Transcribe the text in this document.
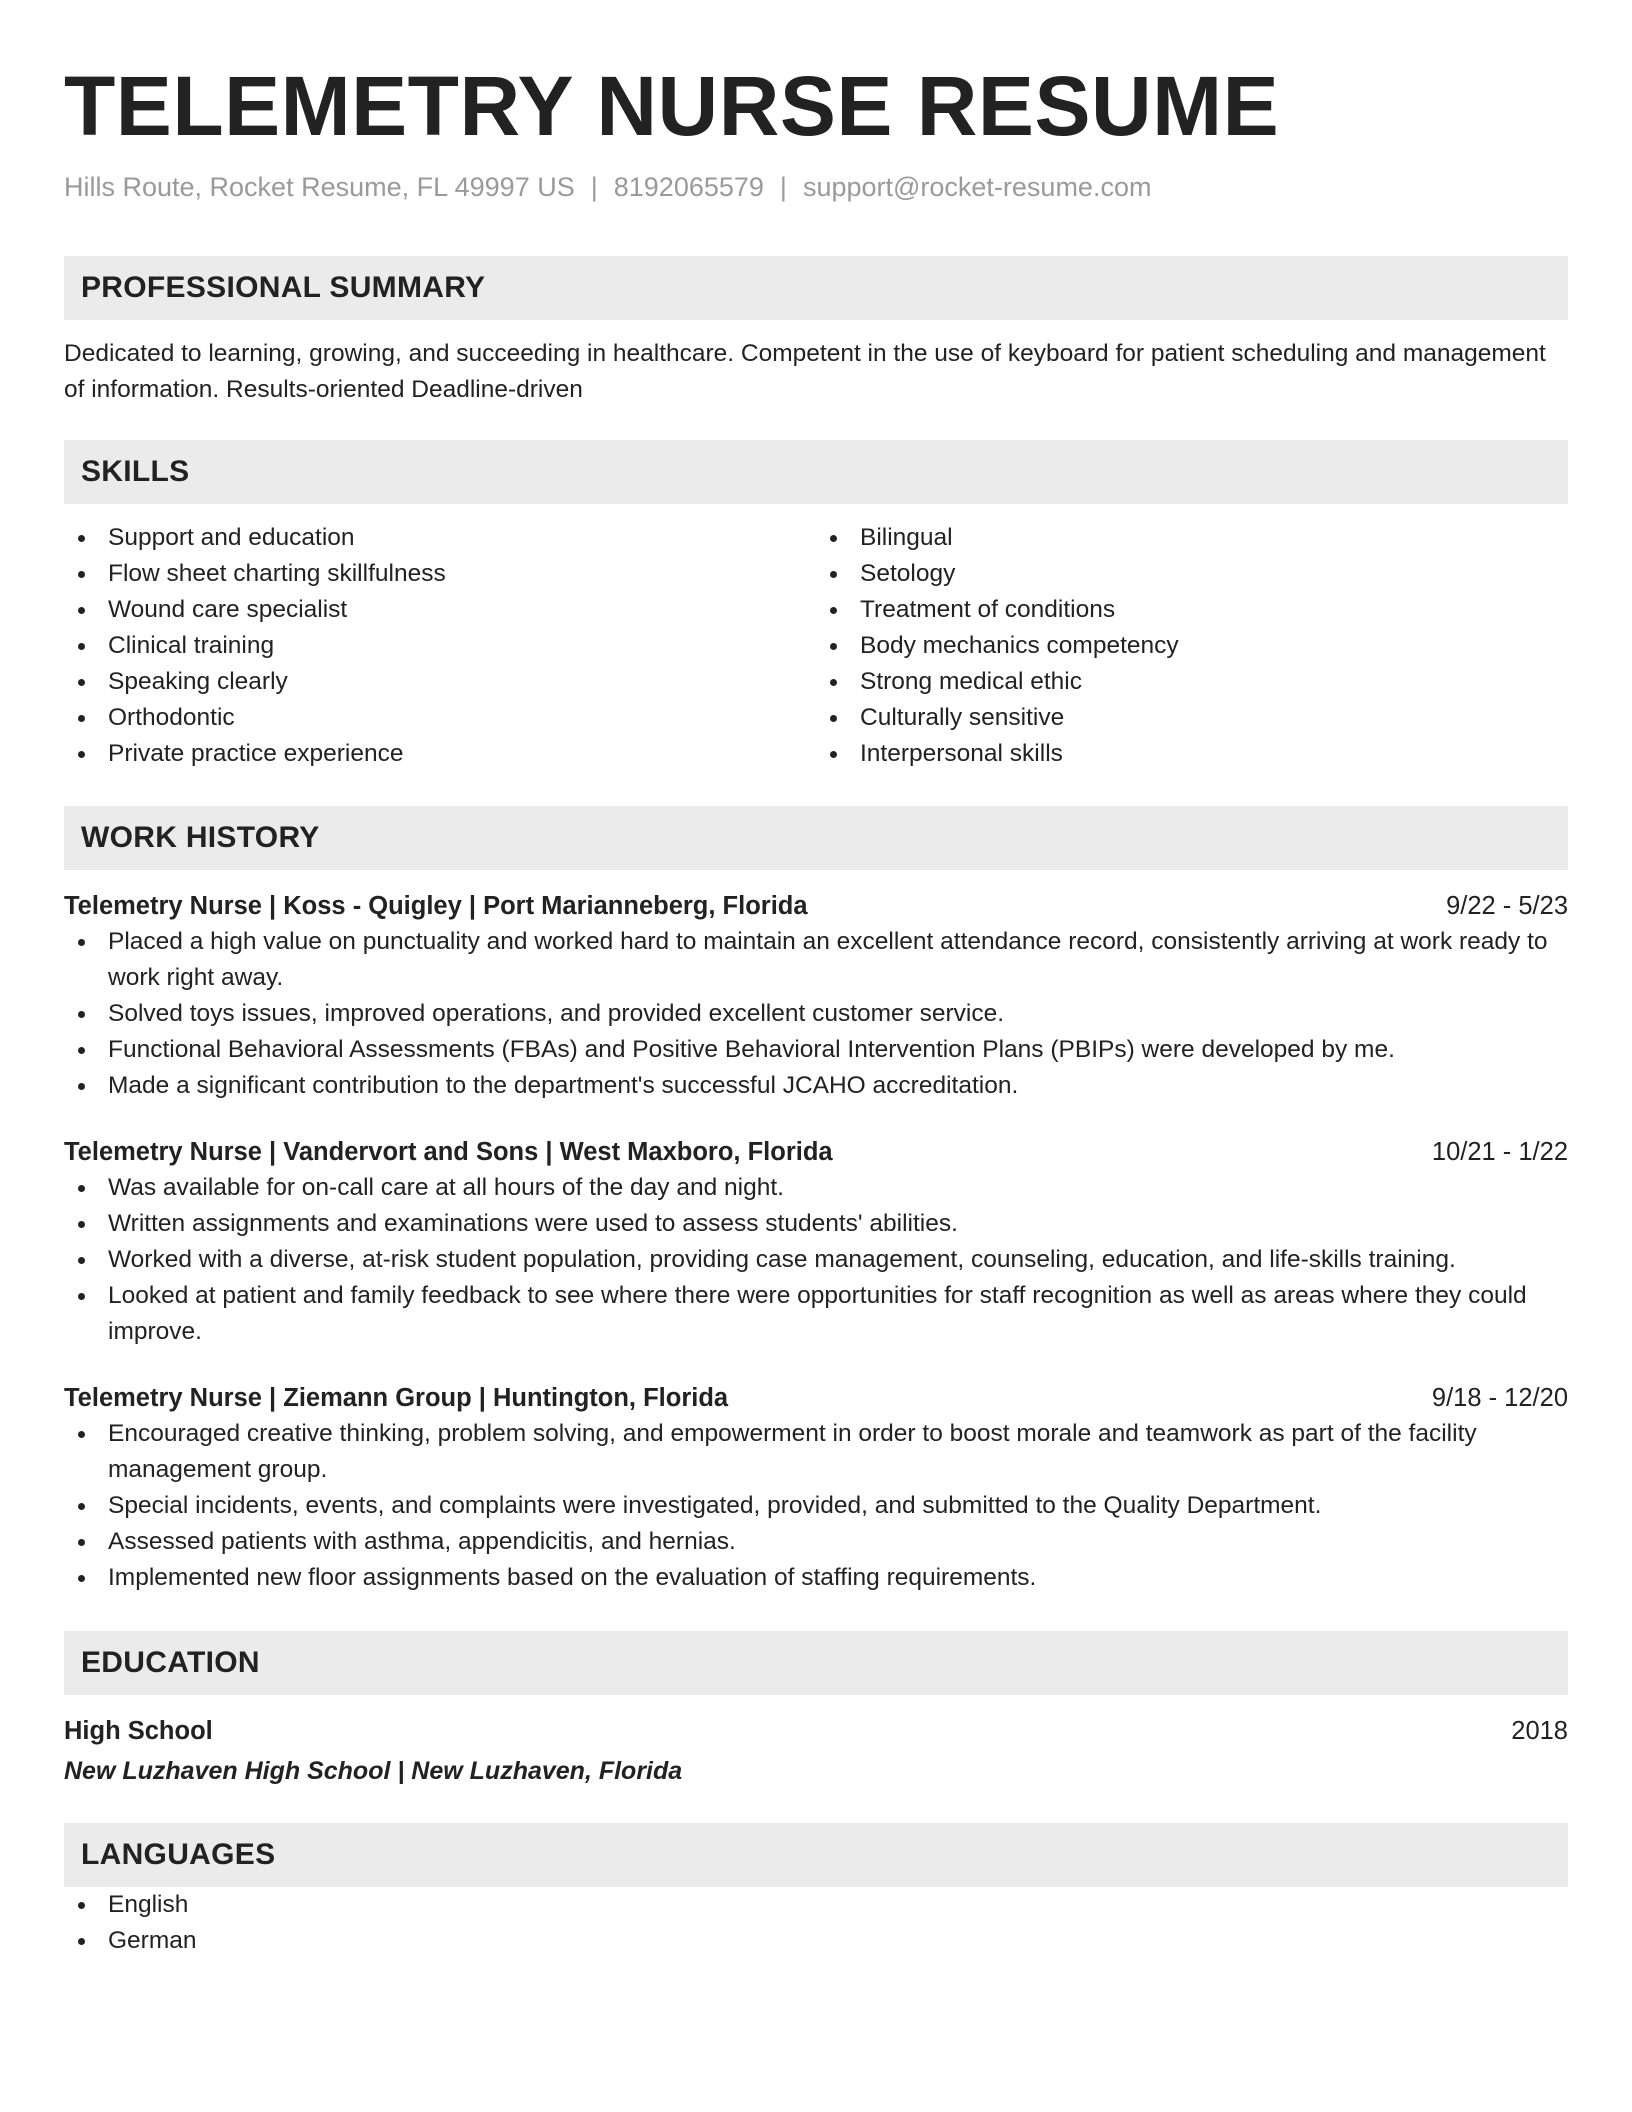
TELEMETRY NURSE RESUME
Hills Route, Rocket Resume, FL 49997 US | 8192065579 | support@rocket-resume.com
PROFESSIONAL SUMMARY
Dedicated to learning, growing, and succeeding in healthcare. Competent in the use of keyboard for patient scheduling and management of information. Results-oriented Deadline-driven
SKILLS
Support and education
Flow sheet charting skillfulness
Wound care specialist
Clinical training
Speaking clearly
Orthodontic
Private practice experience
Bilingual
Setology
Treatment of conditions
Body mechanics competency
Strong medical ethic
Culturally sensitive
Interpersonal skills
WORK HISTORY
Telemetry Nurse | Koss - Quigley | Port Marianneberg, Florida	9/22 - 5/23
Placed a high value on punctuality and worked hard to maintain an excellent attendance record, consistently arriving at work ready to work right away.
Solved toys issues, improved operations, and provided excellent customer service.
Functional Behavioral Assessments (FBAs) and Positive Behavioral Intervention Plans (PBIPs) were developed by me.
Made a significant contribution to the department's successful JCAHO accreditation.
Telemetry Nurse | Vandervort and Sons | West Maxboro, Florida	10/21 - 1/22
Was available for on-call care at all hours of the day and night.
Written assignments and examinations were used to assess students' abilities.
Worked with a diverse, at-risk student population, providing case management, counseling, education, and life-skills training.
Looked at patient and family feedback to see where there were opportunities for staff recognition as well as areas where they could improve.
Telemetry Nurse | Ziemann Group | Huntington, Florida	9/18 - 12/20
Encouraged creative thinking, problem solving, and empowerment in order to boost morale and teamwork as part of the facility management group.
Special incidents, events, and complaints were investigated, provided, and submitted to the Quality Department.
Assessed patients with asthma, appendicitis, and hernias.
Implemented new floor assignments based on the evaluation of staffing requirements.
EDUCATION
High School	2018
New Luzhaven High School | New Luzhaven, Florida
LANGUAGES
English
German
